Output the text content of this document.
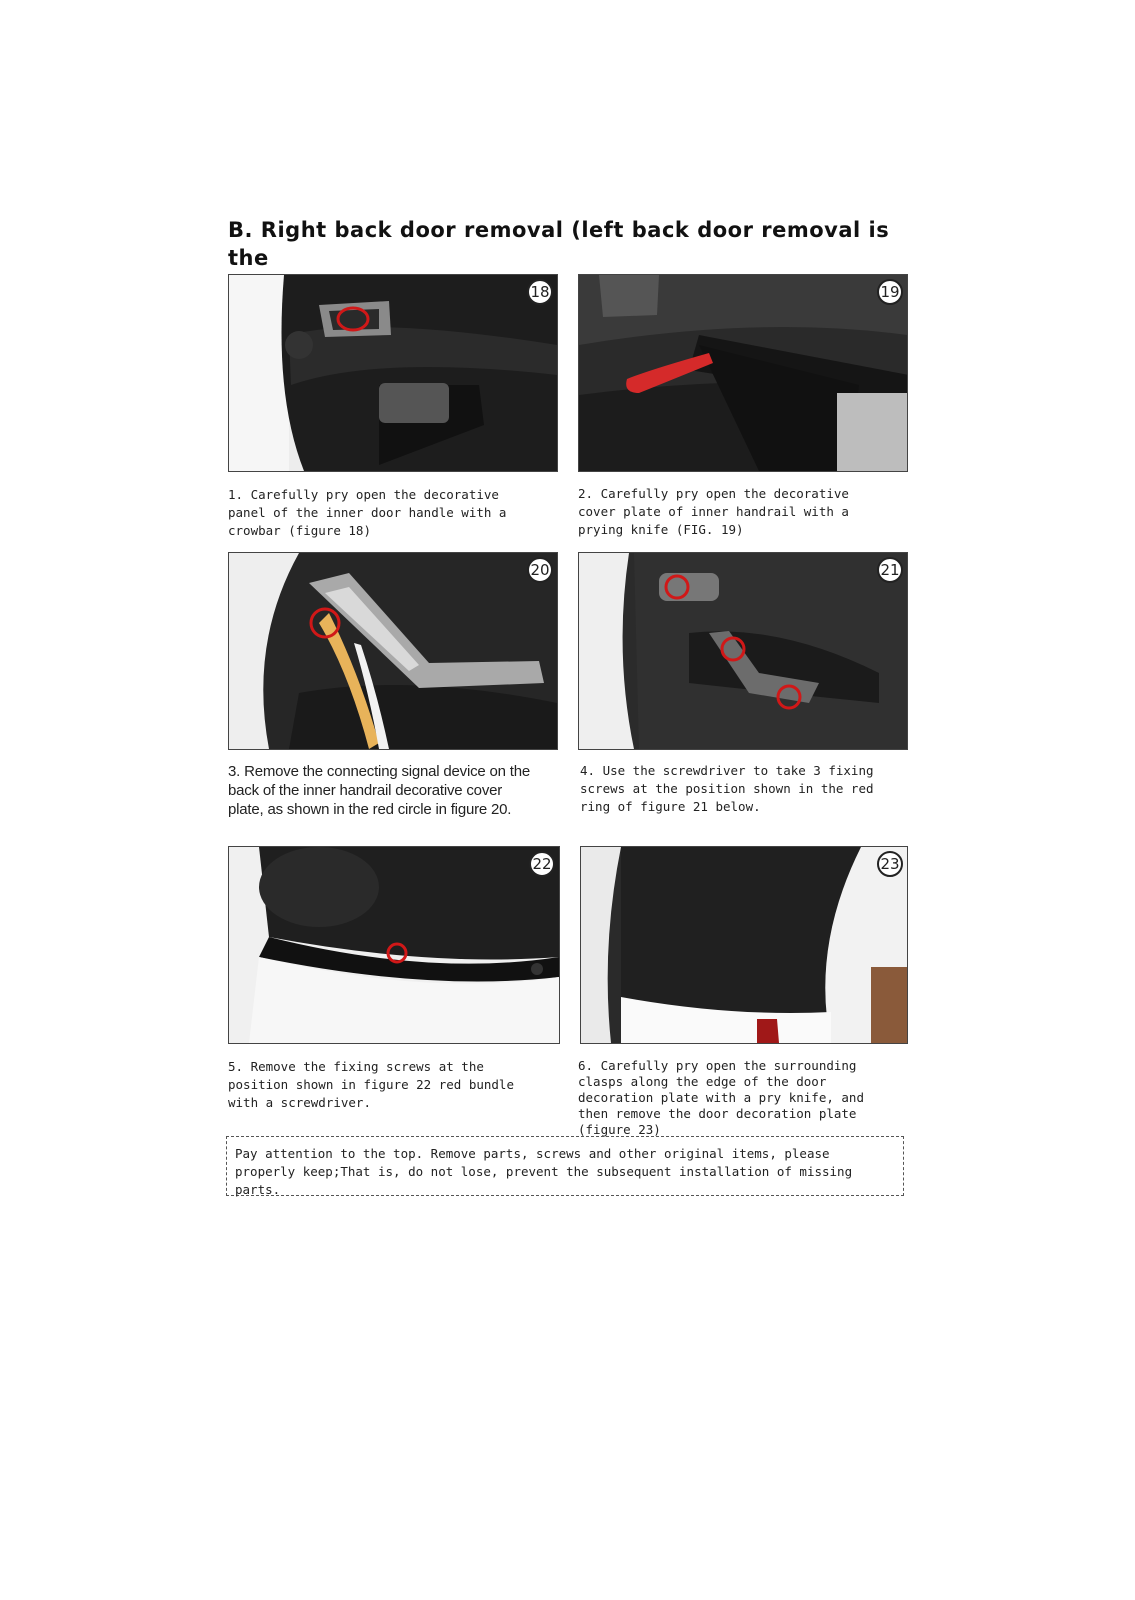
B. Right back door removal (left back door removal is the
18	19
1. Carefully pry open the decorative
panel of the inner door handle with a
crowbar (figure 18)
2. Carefully pry open the decorative
cover plate of inner handrail with a
prying knife (FIG. 19)
20	21
3. Remove the connecting signal device on the
back of the inner handrail decorative cover
plate, as shown in the red circle in figure 20.
4. Use the screwdriver to take 3 fixing
screws at the position shown in the red
ring of figure 21 below.
22	23
5. Remove the fixing screws at the
position shown in figure 22 red bundle
with a screwdriver.
6. Carefully pry open the surrounding
clasps along the edge of the door
decoration plate with a pry knife, and
then remove the door decoration plate
(figure 23)
Pay attention to the top. Remove parts, screws and other original items, please properly keep;That is, do not lose, prevent the subsequent installation of missing parts.
